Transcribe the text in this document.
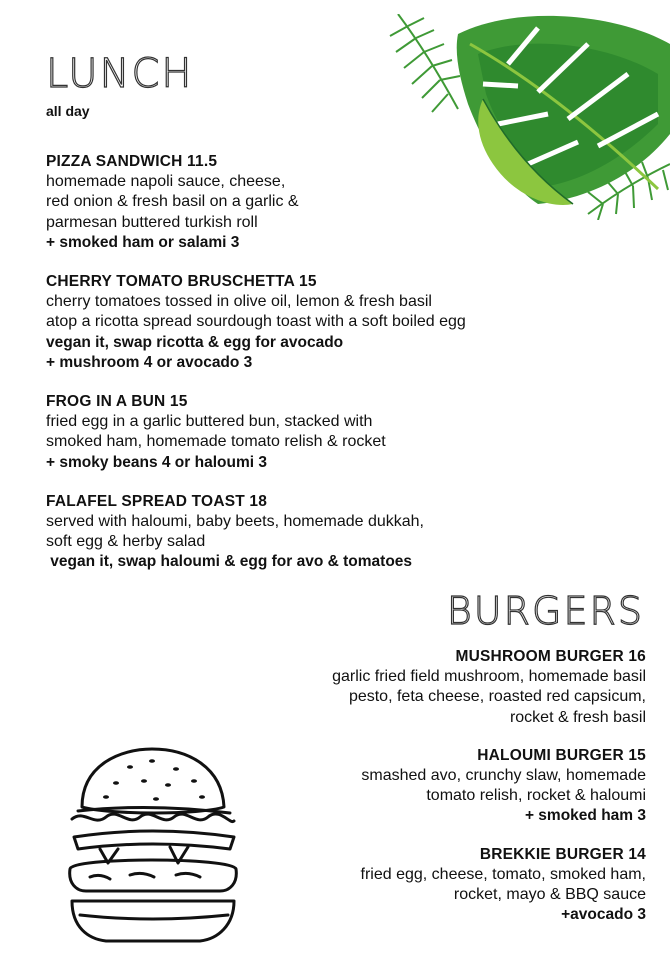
LUNCH

all day

PIZZA SANDWICH 11.5
homemade napoli sauce, cheese,
red onion & fresh basil on a garlic &
parmesan buttered turkish roll
+ smoked ham or salami 3
CHERRY TOMATO BRUSCHETTA 15
cherry tomatoes tossed in olive oil, lemon & fresh basil
atop a ricotta spread sourdough toast with a soft boiled egg
vegan it, swap ricotta & egg for avocado
+ mushroom 4 or avocado 3
FROG IN A BUN 15
fried egg in a garlic buttered bun, stacked with
smoked ham, homemade tomato relish & rocket
+ smoky beans 4 or haloumi 3
FALAFEL SPREAD TOAST 18
served with haloumi, baby beets, homemade dukkah,
soft egg & herby salad
vegan it, swap haloumi & egg for avo & tomatoes
BURGERS
MUSHROOM BURGER 16
garlic fried field mushroom, homemade basil
pesto, feta cheese, roasted red capsicum,
rocket & fresh basil
HALOUMI BURGER 15
smashed avo, crunchy slaw, homemade
tomato relish, rocket & haloumi
+ smoked ham 3
BREKKIE BURGER 14
fried egg, cheese, tomato, smoked ham,
rocket, mayo & BBQ sauce
+avocado 3
